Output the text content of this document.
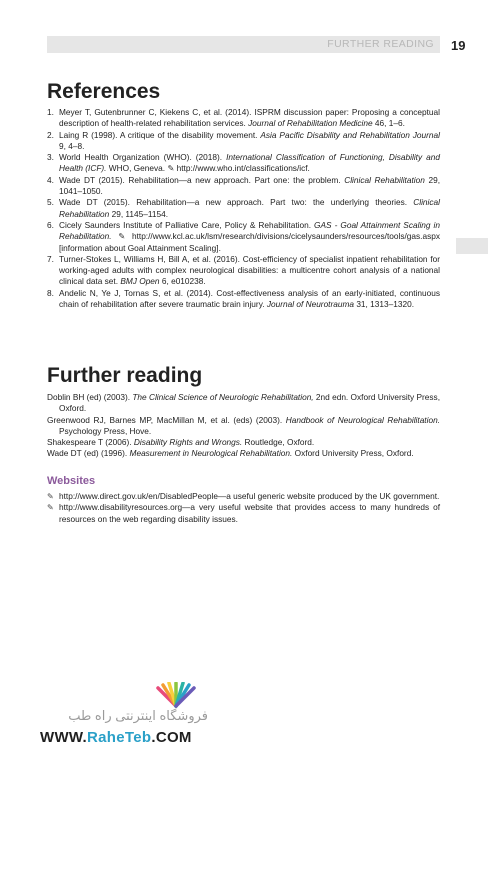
FURTHER READING 19
References
1. Meyer T, Gutenbrunner C, Kiekens C, et al. (2014). ISPRM discussion paper: Proposing a conceptual description of health-related rehabilitation services. Journal of Rehabilitation Medicine 46, 1–6.
2. Laing R (1998). A critique of the disability movement. Asia Pacific Disability and Rehabilitation Journal 9, 4–8.
3. World Health Organization (WHO). (2018). International Classification of Functioning, Disability and Health (ICF). WHO, Geneva. ✎ http://www.who.int/classifications/icf.
4. Wade DT (2015). Rehabilitation—a new approach. Part one: the problem. Clinical Rehabilitation 29, 1041–1050.
5. Wade DT (2015). Rehabilitation—a new approach. Part two: the underlying theories. Clinical Rehabilitation 29, 1145–1154.
6. Cicely Saunders Institute of Palliative Care, Policy & Rehabilitation. GAS - Goal Attainment Scaling in Rehabilitation. ✎ http://www.kcl.ac.uk/lsm/research/divisions/cicelysaunders/resources/tools/gas.aspx [information about Goal Attainment Scaling].
7. Turner-Stokes L, Williams H, Bill A, et al. (2016). Cost-efficiency of specialist inpatient rehabilitation for working-aged adults with complex neurological disabilities: a multicentre cohort analysis of a national clinical data set. BMJ Open 6, e010238.
8. Andelic N, Ye J, Tornas S, et al. (2014). Cost-effectiveness analysis of an early-initiated, continuous chain of rehabilitation after severe traumatic brain injury. Journal of Neurotrauma 31, 1313–1320.
Further reading
Doblin BH (ed) (2003). The Clinical Science of Neurologic Rehabilitation, 2nd edn. Oxford University Press, Oxford.
Greenwood RJ, Barnes MP, MacMillan M, et al. (eds) (2003). Handbook of Neurological Rehabilitation. Psychology Press, Hove.
Shakespeare T (2006). Disability Rights and Wrongs. Routledge, Oxford.
Wade DT (ed) (1996). Measurement in Neurological Rehabilitation. Oxford University Press, Oxford.
Websites
✎ http://www.direct.gov.uk/en/DisabledPeople—a useful generic website produced by the UK government.
✎ http://www.disabilityresources.org—a very useful website that provides access to many hundreds of resources on the web regarding disability issues.
فروشگاه اینترنتی راه طب
WWW.RaheTeb.COM
